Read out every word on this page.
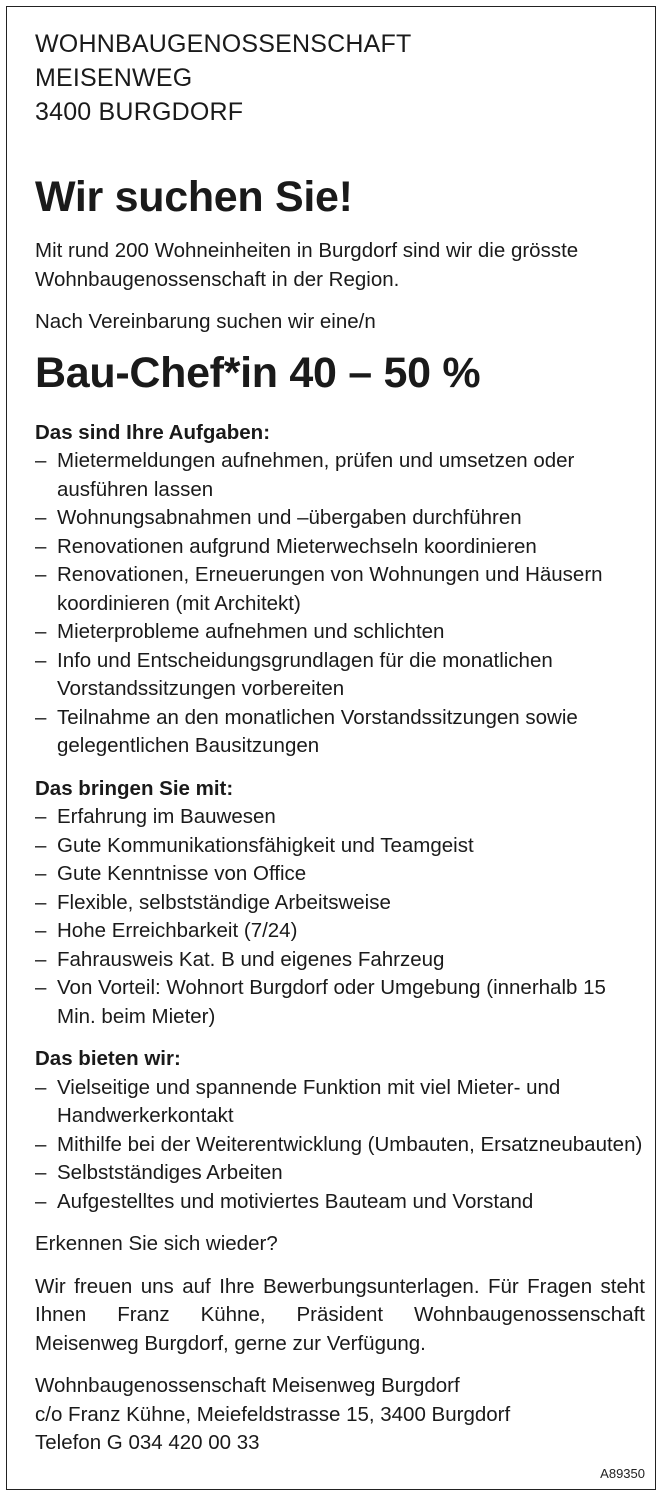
WOHNBAUGENOSSENSCHAFT
MEISENWEG
3400 BURGDORF
Wir suchen Sie!
Mit rund 200 Wohneinheiten in Burgdorf sind wir die grösste Wohnbaugenossenschaft in der Region.
Nach Vereinbarung suchen wir eine/n
Bau-Chef*in 40 – 50 %
Das sind Ihre Aufgaben:
– Mietermeldungen aufnehmen, prüfen und umsetzen oder ausführen lassen
– Wohnungsabnahmen und –übergaben durchführen
– Renovationen aufgrund Mieterwechseln koordinieren
– Renovationen, Erneuerungen von Wohnungen und Häusern koordinieren (mit Architekt)
– Mieterprobleme aufnehmen und schlichten
– Info und Entscheidungsgrundlagen für die monatlichen Vorstandssitzungen vorbereiten
– Teilnahme an den monatlichen Vorstandssitzungen sowie gelegentlichen Bausitzungen
Das bringen Sie mit:
– Erfahrung im Bauwesen
– Gute Kommunikationsfähigkeit und Teamgeist
– Gute Kenntnisse von Office
– Flexible, selbstständige Arbeitsweise
– Hohe Erreichbarkeit (7/24)
– Fahrausweis Kat. B und eigenes Fahrzeug
– Von Vorteil: Wohnort Burgdorf oder Umgebung (innerhalb 15 Min. beim Mieter)
Das bieten wir:
– Vielseitige und spannende Funktion mit viel Mieter- und Handwerkerkontakt
– Mithilfe bei der Weiterentwicklung (Umbauten, Ersatzneubauten)
– Selbstständiges Arbeiten
– Aufgestelltes und motiviertes Bauteam und Vorstand
Erkennen Sie sich wieder?
Wir freuen uns auf Ihre Bewerbungsunterlagen. Für Fragen steht Ihnen Franz Kühne, Präsident Wohnbaugenossenschaft Meisenweg Burgdorf, gerne zur Verfügung.
Wohnbaugenossenschaft Meisenweg Burgdorf
c/o Franz Kühne, Meiefeldstrasse 15, 3400 Burgdorf
Telefon G 034 420 00 33
A89350
